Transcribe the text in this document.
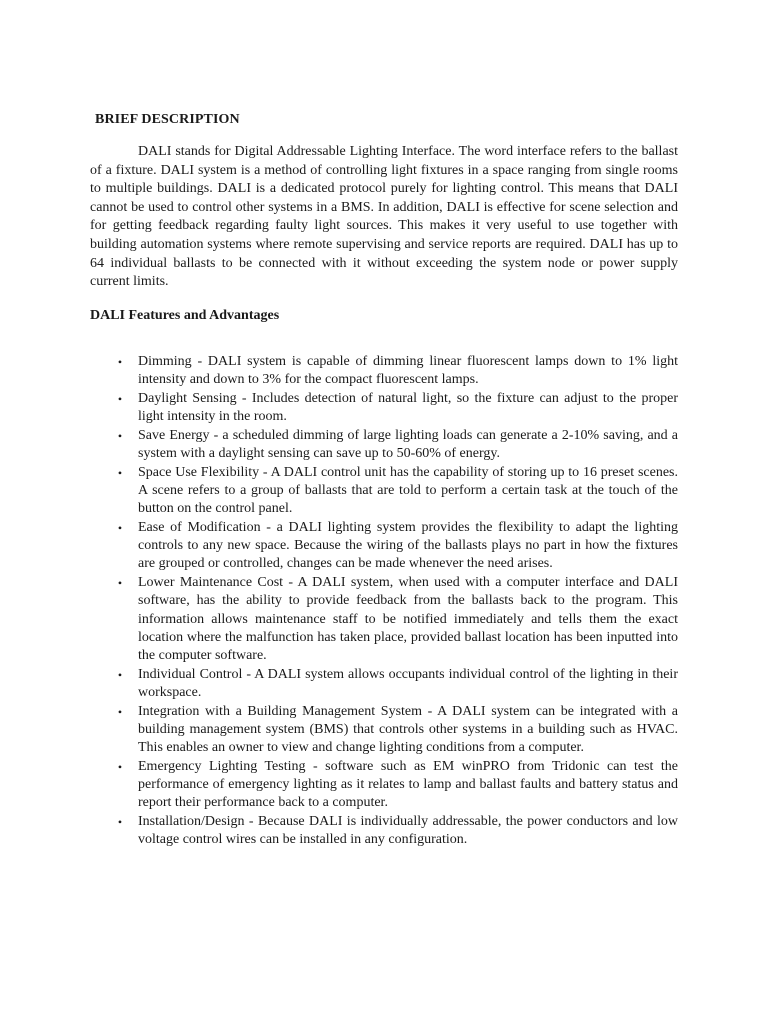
BRIEF DESCRIPTION

DALI stands for Digital Addressable Lighting Interface. The word interface refers to the ballast of a fixture. DALI system is a method of controlling light fixtures in a space ranging from single rooms to multiple buildings. DALI is a dedicated protocol purely for lighting control. This means that DALI cannot be used to control other systems in a BMS. In addition, DALI is effective for scene selection and for getting feedback regarding faulty light sources. This makes it very useful to use together with building automation systems where remote supervising and service reports are required. DALI has up to 64 individual ballasts to be connected with it without exceeding the system node or power supply current limits.

DALI Features and Advantages
• Dimming - DALI system is capable of dimming linear fluorescent lamps down to 1% light intensity and down to 3% for the compact fluorescent lamps.
• Daylight Sensing - Includes detection of natural light, so the fixture can adjust to the proper light intensity in the room.
• Save Energy - a scheduled dimming of large lighting loads can generate a 2-10% saving, and a system with a daylight sensing can save up to 50-60% of energy.
• Space Use Flexibility - A DALI control unit has the capability of storing up to 16 preset scenes. A scene refers to a group of ballasts that are told to perform a certain task at the touch of the button on the control panel.
• Ease of Modification - a DALI lighting system provides the flexibility to adapt the lighting controls to any new space. Because the wiring of the ballasts plays no part in how the fixtures are grouped or controlled, changes can be made whenever the need arises.
• Lower Maintenance Cost - A DALI system, when used with a computer interface and DALI software, has the ability to provide feedback from the ballasts back to the program. This information allows maintenance staff to be notified immediately and tells them the exact location where the malfunction has taken place, provided ballast location has been inputted into the computer software.
• Individual Control - A DALI system allows occupants individual control of the lighting in their workspace.
• Integration with a Building Management System - A DALI system can be integrated with a building management system (BMS) that controls other systems in a building such as HVAC. This enables an owner to view and change lighting conditions from a computer.
• Emergency Lighting Testing - software such as EM winPRO from Tridonic can test the performance of emergency lighting as it relates to lamp and ballast faults and battery status and report their performance back to a computer.
• Installation/Design - Because DALI is individually addressable, the power conductors and low voltage control wires can be installed in any configuration.
